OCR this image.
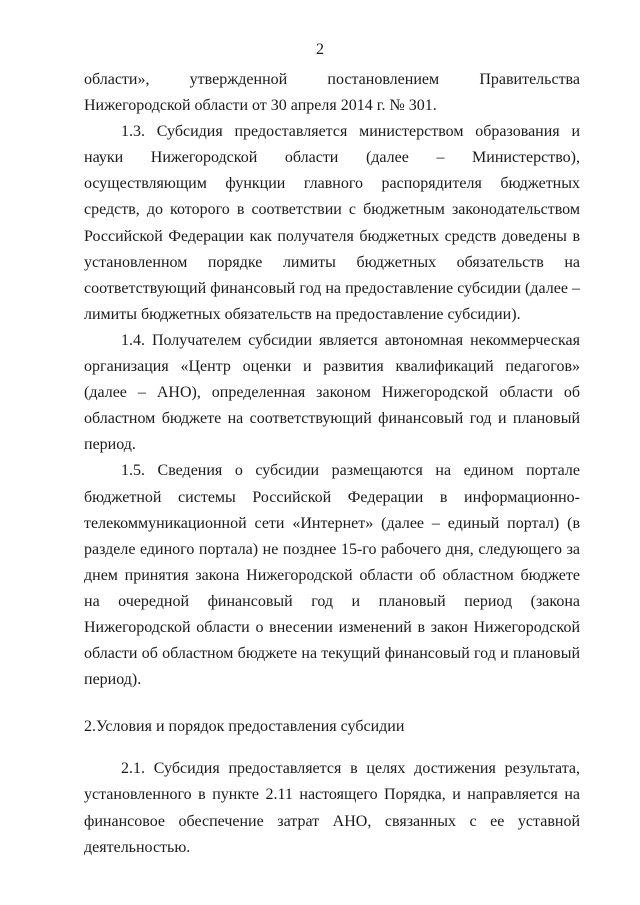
2

области», утвержденной постановлением Правительства Нижегородской области от 30 апреля 2014 г. № 301.

1.3. Субсидия предоставляется министерством образования и науки Нижегородской области (далее – Министерство), осуществляющим функции главного распорядителя бюджетных средств, до которого в соответствии с бюджетным законодательством Российской Федерации как получателя бюджетных средств доведены в установленном порядке лимиты бюджетных обязательств на соответствующий финансовый год на предоставление субсидии (далее – лимиты бюджетных обязательств на предоставление субсидии).

1.4. Получателем субсидии является автономная некоммерческая организация «Центр оценки и развития квалификаций педагогов» (далее – АНО), определенная законом Нижегородской области об областном бюджете на соответствующий финансовый год и плановый период.

1.5. Сведения о субсидии размещаются на едином портале бюджетной системы Российской Федерации в информационно-телекоммуникационной сети «Интернет» (далее – единый портал) (в разделе единого портала) не позднее 15-го рабочего дня, следующего за днем принятия закона Нижегородской области об областном бюджете на очередной финансовый год и плановый период (закона Нижегородской области о внесении изменений в закон Нижегородской области об областном бюджете на текущий финансовый год и плановый период).

2.Условия и порядок предоставления субсидии

2.1. Субсидия предоставляется в целях достижения результата, установленного в пункте 2.11 настоящего Порядка, и направляется на финансовое обеспечение затрат АНО, связанных с ее уставной деятельностью.
